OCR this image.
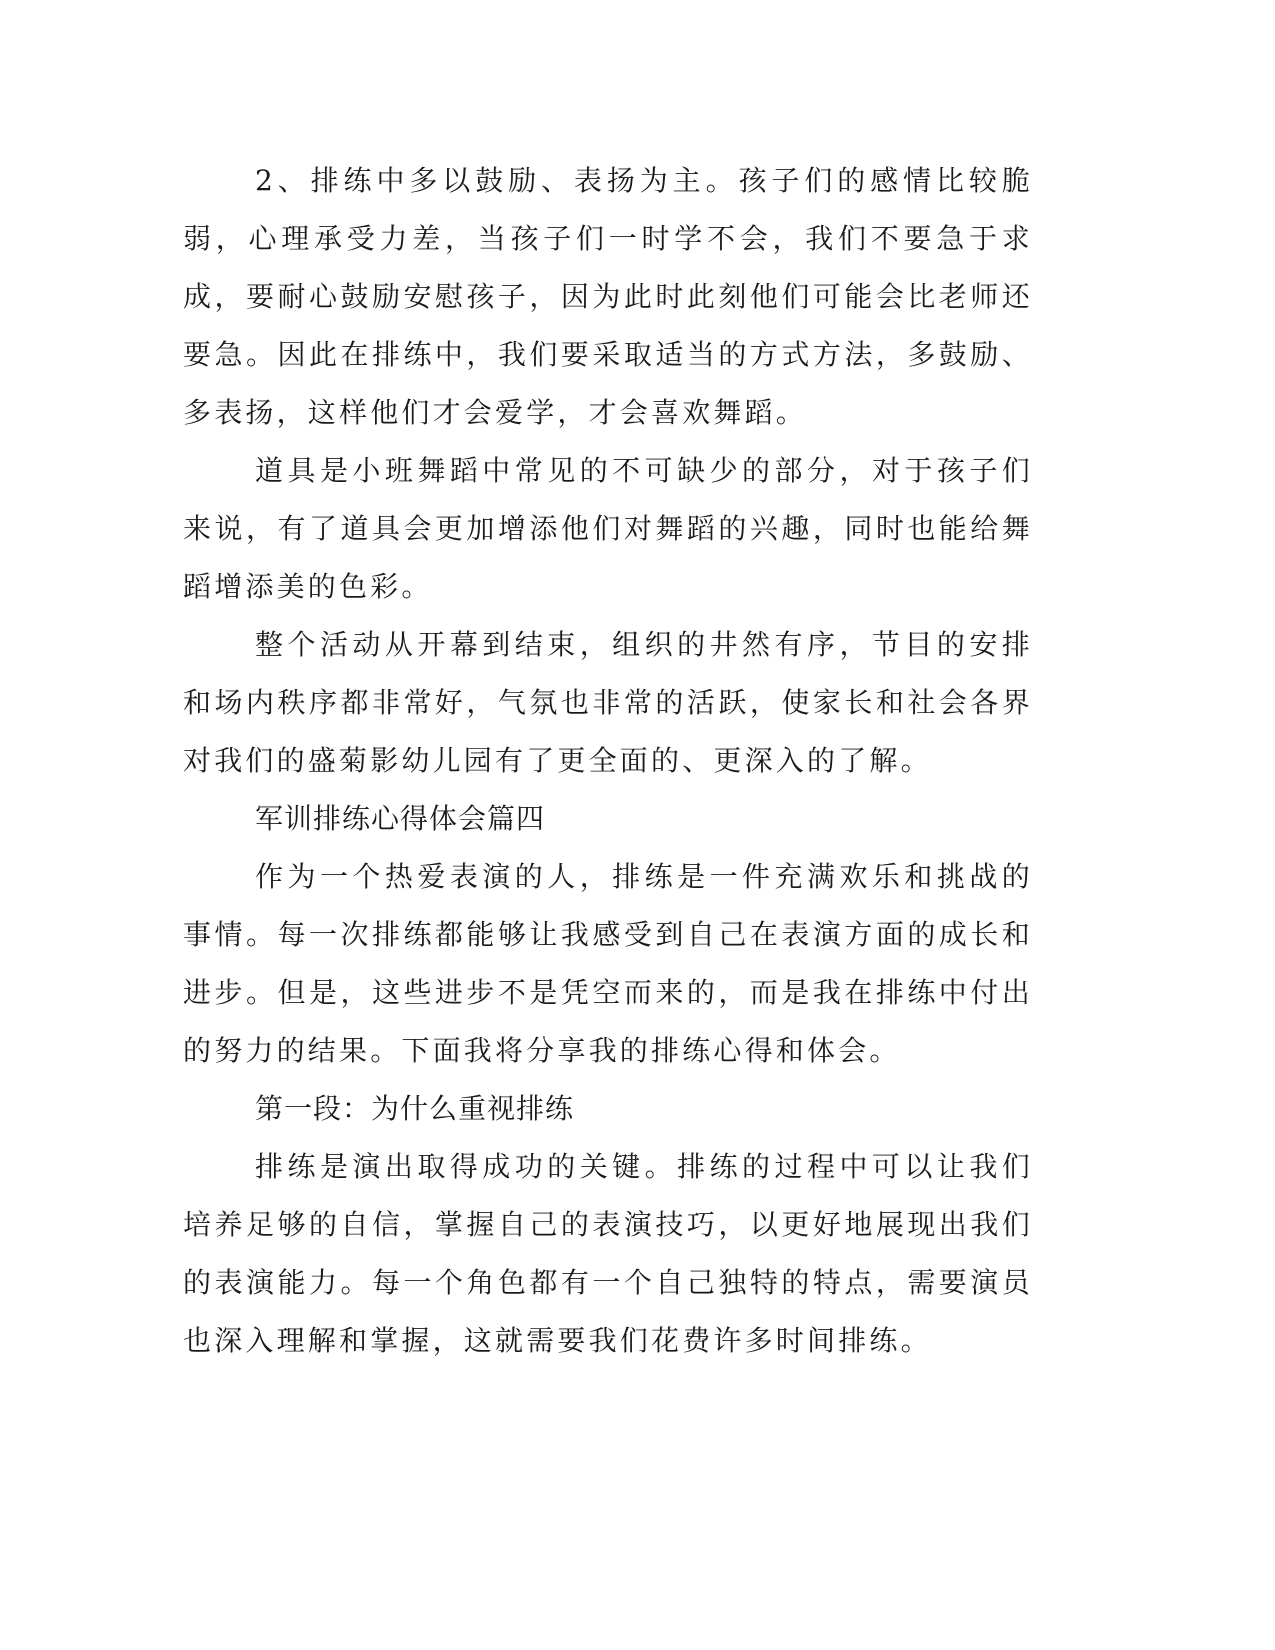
2、排练中多以鼓励、表扬为主。孩子们的感情比较脆弱，心理承受力差，当孩子们一时学不会，我们不要急于求成，要耐心鼓励安慰孩子，因为此时此刻他们可能会比老师还要急。因此在排练中，我们要采取适当的方式方法，多鼓励、多表扬，这样他们才会爱学，才会喜欢舞蹈。

道具是小班舞蹈中常见的不可缺少的部分，对于孩子们来说，有了道具会更加增添他们对舞蹈的兴趣，同时也能给舞蹈增添美的色彩。

整个活动从开幕到结束，组织的井然有序，节目的安排和场内秩序都非常好，气氛也非常的活跃，使家长和社会各界对我们的盛菊影幼儿园有了更全面的、更深入的了解。

军训排练心得体会篇四

作为一个热爱表演的人，排练是一件充满欢乐和挑战的事情。每一次排练都能够让我感受到自己在表演方面的成长和进步。但是，这些进步不是凭空而来的，而是我在排练中付出的努力的结果。下面我将分享我的排练心得和体会。

第一段：为什么重视排练

排练是演出取得成功的关键。排练的过程中可以让我们培养足够的自信，掌握自己的表演技巧，以更好地展现出我们的表演能力。每一个角色都有一个自己独特的特点，需要演员也深入理解和掌握，这就需要我们花费许多时间排练。
